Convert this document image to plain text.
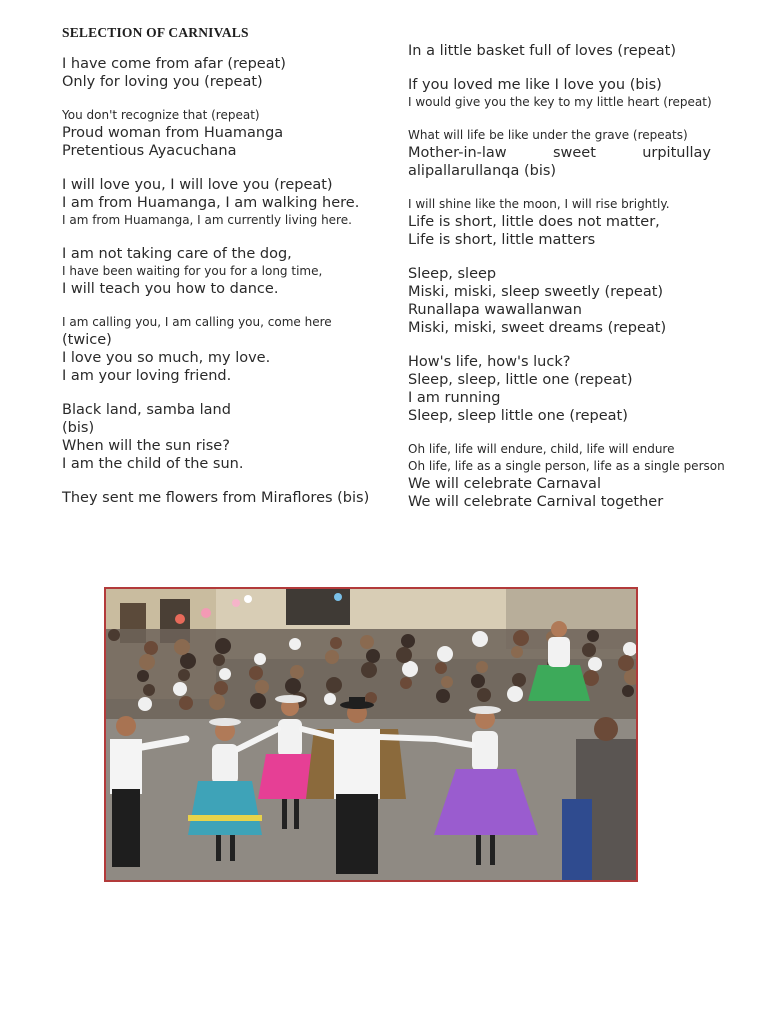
SELECTION OF CARNIVALS
I have come from afar (repeat)
Only for loving you (repeat)
You don't recognize that (repeat)
Proud woman from Huamanga
Pretentious Ayacuchana
I will love you, I will love you (repeat)
I am from Huamanga, I am walking here.
I am from Huamanga, I am currently living here.
I am not taking care of the dog,
I have been waiting for you for a long time,
I will teach you how to dance.
I am calling you, I am calling you, come here
(twice)
I love you so much, my love.
I am your loving friend.
Black land, samba land
(bis)
When will the sun rise?
I am the child of the sun.
They sent me flowers from Miraflores (bis)
In a little basket full of loves (repeat)
If you loved me like I love you (bis)
I would give you the key to my little heart (repeat)
What will life be like under the grave (repeats)
Mother-in-law sweet urpitullay alipallarullanqa (bis)
I will shine like the moon, I will rise brightly.
Life is short, little does not matter,
Life is short, little matters
Sleep, sleep
Miski, miski, sleep sweetly (repeat)
Runallapa wawallanwan
Miski, miski, sweet dreams (repeat)
How's life, how's luck?
Sleep, sleep, little one (repeat)
I am running
Sleep, sleep little one (repeat)
Oh life, life will endure, child, life will endure
Oh life, life as a single person, life as a single person
We will celebrate Carnaval
We will celebrate Carnival together
